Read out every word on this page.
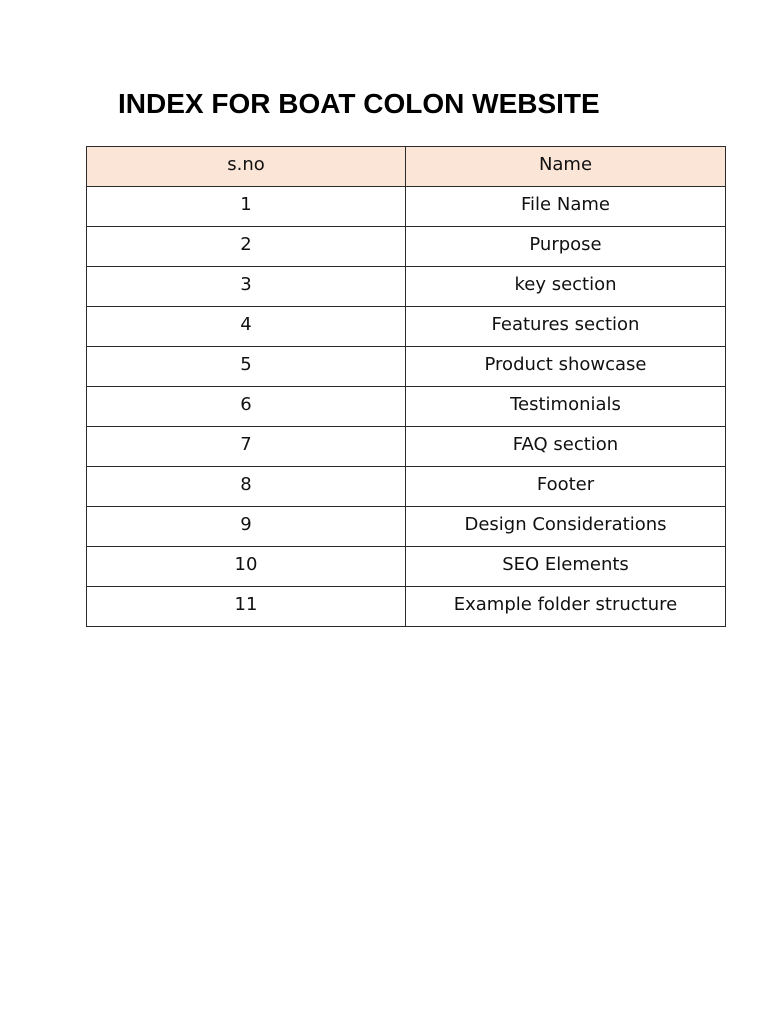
INDEX FOR BOAT COLON WEBSITE
s.no	Name
1	File Name
2	Purpose
3	key section
4	Features section
5	Product showcase
6	Testimonials
7	FAQ section
8	Footer
9	Design Considerations
10	SEO Elements
11	Example folder structure
